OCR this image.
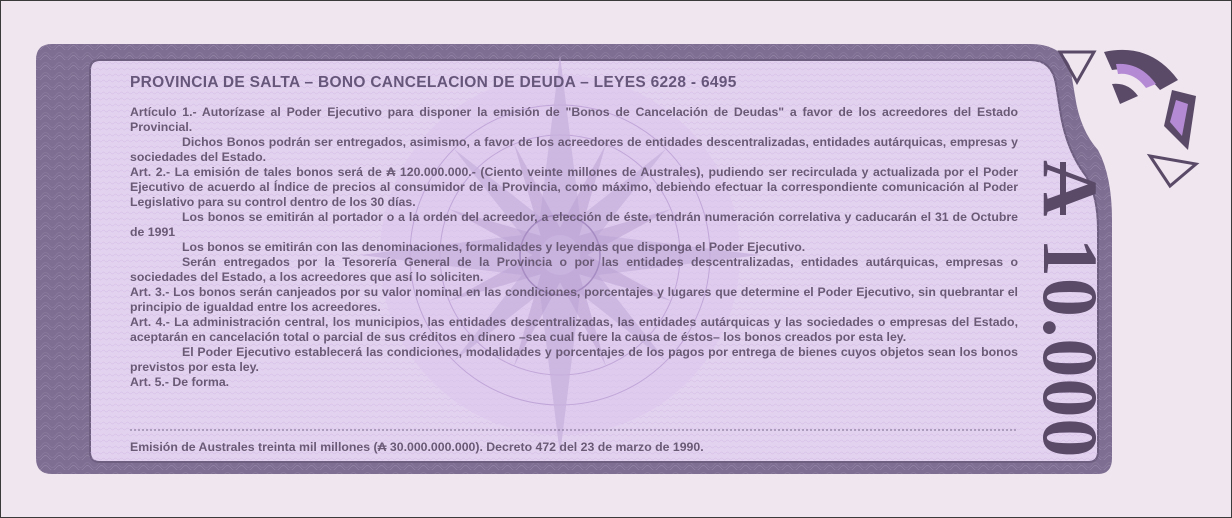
PROVINCIA DE SALTA – BONO CANCELACION DE DEUDA – LEYES 6228 - 6495

Artículo 1.- Autorízase al Poder Ejecutivo para disponer la emisión de "Bonos de Cancelación de Deudas" a favor de los acreedores del Estado Provincial.

Dichos Bonos podrán ser entregados, asimismo, a favor de los acreedores de entidades descentralizadas, entidades autárquicas, empresas y sociedades del Estado.

Art. 2.- La emisión de tales bonos será de ₳ 120.000.000.- (Ciento veinte millones de Australes), pudiendo ser recirculada y actualizada por el Poder Ejecutivo de acuerdo al Índice de precios al consumidor de la Provincia, como máximo, debiendo efectuar la correspondiente comunicación al Poder Legislativo para su control dentro de los 30 días.

Los bonos se emitirán al portador o a la orden del acreedor, a elección de éste, tendrán numeración correlativa y caducarán el 31 de Octubre de 1991

Los bonos se emitirán con las denominaciones, formalidades y leyendas que disponga el Poder Ejecutivo.

Serán entregados por la Tesorería General de la Provincia o por las entidades descentralizadas, entidades autárquicas, empresas o sociedades del Estado, a los acreedores que así lo soliciten.

Art. 3.- Los bonos serán canjeados por su valor nominal en las condiciones, porcentajes y lugares que determine el Poder Ejecutivo, sin quebrantar el principio de igualdad entre los acreedores.

Art. 4.- La administración central, los municipios, las entidades descentralizadas, las entidades autárquicas y las sociedades o empresas del Estado, aceptarán en cancelación total o parcial de sus créditos en dinero –sea cual fuere la causa de éstos– los bonos creados por esta ley.

El Poder Ejecutivo establecerá las condiciones, modalidades y porcentajes de los pagos por entrega de bienes cuyos objetos sean los bonos previstos por esta ley.

Art. 5.- De forma.

Emisión de Australes treinta mil millones (₳ 30.000.000.000). Decreto 472 del 23 de marzo de 1990.
A 10.000
